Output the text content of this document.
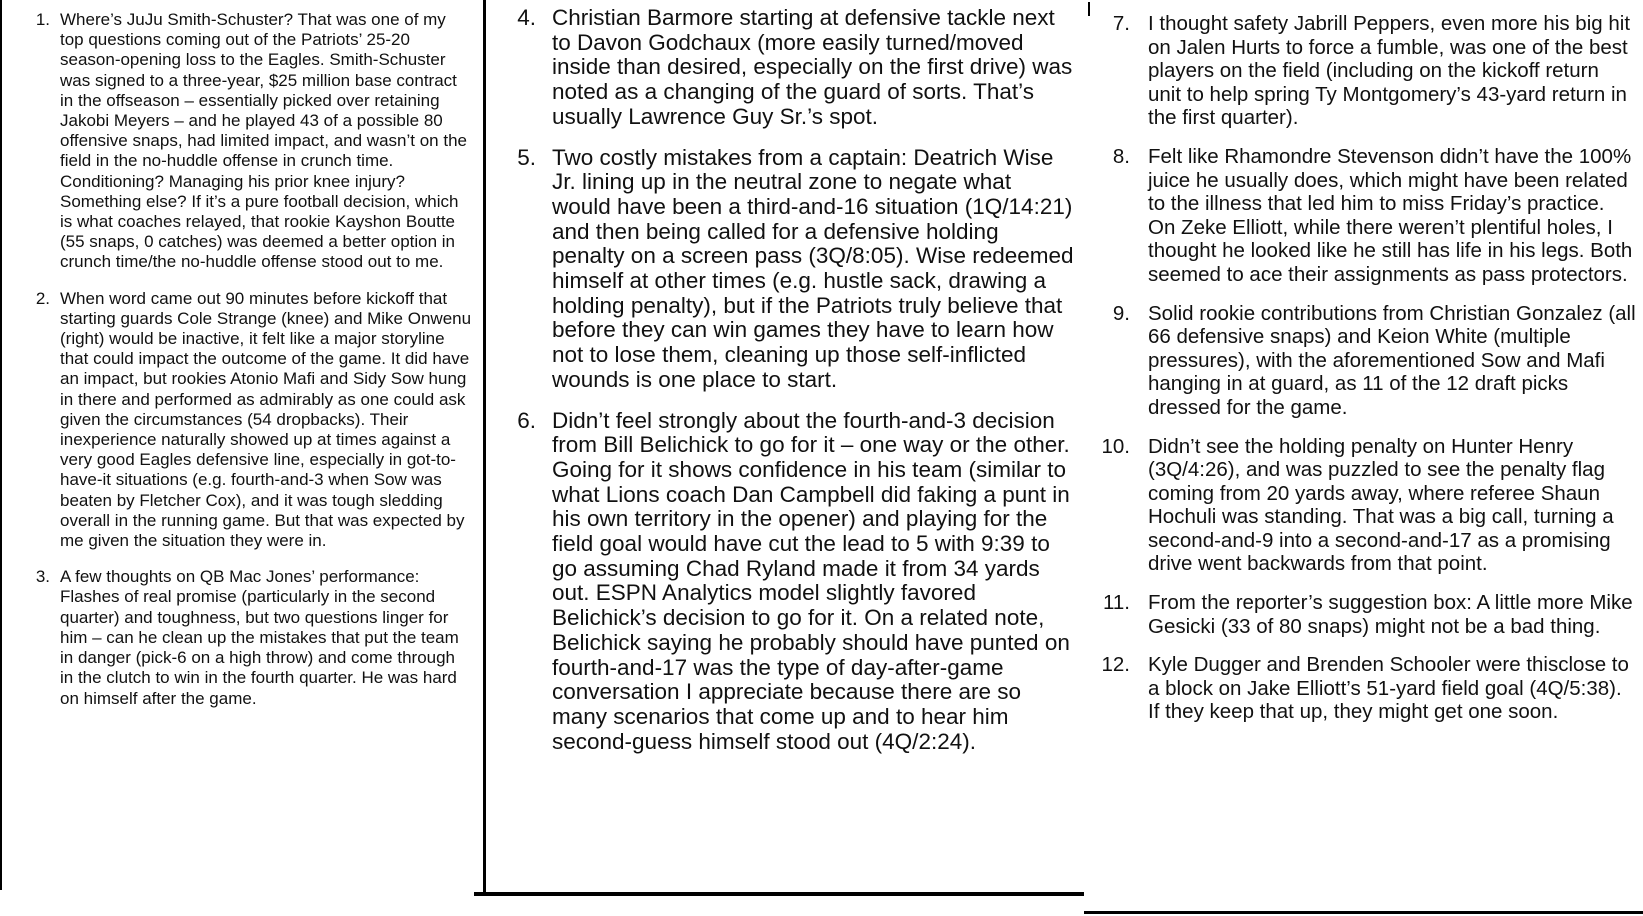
1. Where’s JuJu Smith-Schuster? That was one of my top questions coming out of the Patriots’ 25-20 season-opening loss to the Eagles. Smith-Schuster was signed to a three-year, $25 million base contract in the offseason – essentially picked over retaining Jakobi Meyers – and he played 43 of a possible 80 offensive snaps, had limited impact, and wasn’t on the field in the no-huddle offense in crunch time. Conditioning? Managing his prior knee injury? Something else? If it’s a pure football decision, which is what coaches relayed, that rookie Kayshon Boutte (55 snaps, 0 catches) was deemed a better option in crunch time/the no-huddle offense stood out to me.
2. When word came out 90 minutes before kickoff that starting guards Cole Strange (knee) and Mike Onwenu (right) would be inactive, it felt like a major storyline that could impact the outcome of the game. It did have an impact, but rookies Atonio Mafi and Sidy Sow hung in there and performed as admirably as one could ask given the circumstances (54 dropbacks). Their inexperience naturally showed up at times against a very good Eagles defensive line, especially in got-to-have-it situations (e.g. fourth-and-3 when Sow was beaten by Fletcher Cox), and it was tough sledding overall in the running game. But that was expected by me given the situation they were in.
3. A few thoughts on QB Mac Jones’ performance: Flashes of real promise (particularly in the second quarter) and toughness, but two questions linger for him – can he clean up the mistakes that put the team in danger (pick-6 on a high throw) and come through in the clutch to win in the fourth quarter. He was hard on himself after the game.
4. Christian Barmore starting at defensive tackle next to Davon Godchaux (more easily turned/moved inside than desired, especially on the first drive) was noted as a changing of the guard of sorts. That’s usually Lawrence Guy Sr.’s spot.
5. Two costly mistakes from a captain: Deatrich Wise Jr. lining up in the neutral zone to negate what would have been a third-and-16 situation (1Q/14:21) and then being called for a defensive holding penalty on a screen pass (3Q/8:05). Wise redeemed himself at other times (e.g. hustle sack, drawing a holding penalty), but if the Patriots truly believe that before they can win games they have to learn how not to lose them, cleaning up those self-inflicted wounds is one place to start.
6. Didn’t feel strongly about the fourth-and-3 decision from Bill Belichick to go for it – one way or the other. Going for it shows confidence in his team (similar to what Lions coach Dan Campbell did faking a punt in his own territory in the opener) and playing for the field goal would have cut the lead to 5 with 9:39 to go assuming Chad Ryland made it from 34 yards out. ESPN Analytics model slightly favored Belichick’s decision to go for it. On a related note, Belichick saying he probably should have punted on fourth-and-17 was the type of day-after-game conversation I appreciate because there are so many scenarios that come up and to hear him second-guess himself stood out (4Q/2:24).
7. I thought safety Jabrill Peppers, even more his big hit on Jalen Hurts to force a fumble, was one of the best players on the field (including on the kickoff return unit to help spring Ty Montgomery’s 43-yard return in the first quarter).
8. Felt like Rhamondre Stevenson didn’t have the 100% juice he usually does, which might have been related to the illness that led him to miss Friday’s practice. On Zeke Elliott, while there weren’t plentiful holes, I thought he looked like he still has life in his legs. Both seemed to ace their assignments as pass protectors.
9. Solid rookie contributions from Christian Gonzalez (all 66 defensive snaps) and Keion White (multiple pressures), with the aforementioned Sow and Mafi hanging in at guard, as 11 of the 12 draft picks dressed for the game.
10. Didn’t see the holding penalty on Hunter Henry (3Q/4:26), and was puzzled to see the penalty flag coming from 20 yards away, where referee Shaun Hochuli was standing. That was a big call, turning a second-and-9 into a second-and-17 as a promising drive went backwards from that point.
11. From the reporter’s suggestion box: A little more Mike Gesicki (33 of 80 snaps) might not be a bad thing.
12. Kyle Dugger and Brenden Schooler were thisclose to a block on Jake Elliott’s 51-yard field goal (4Q/5:38). If they keep that up, they might get one soon.
